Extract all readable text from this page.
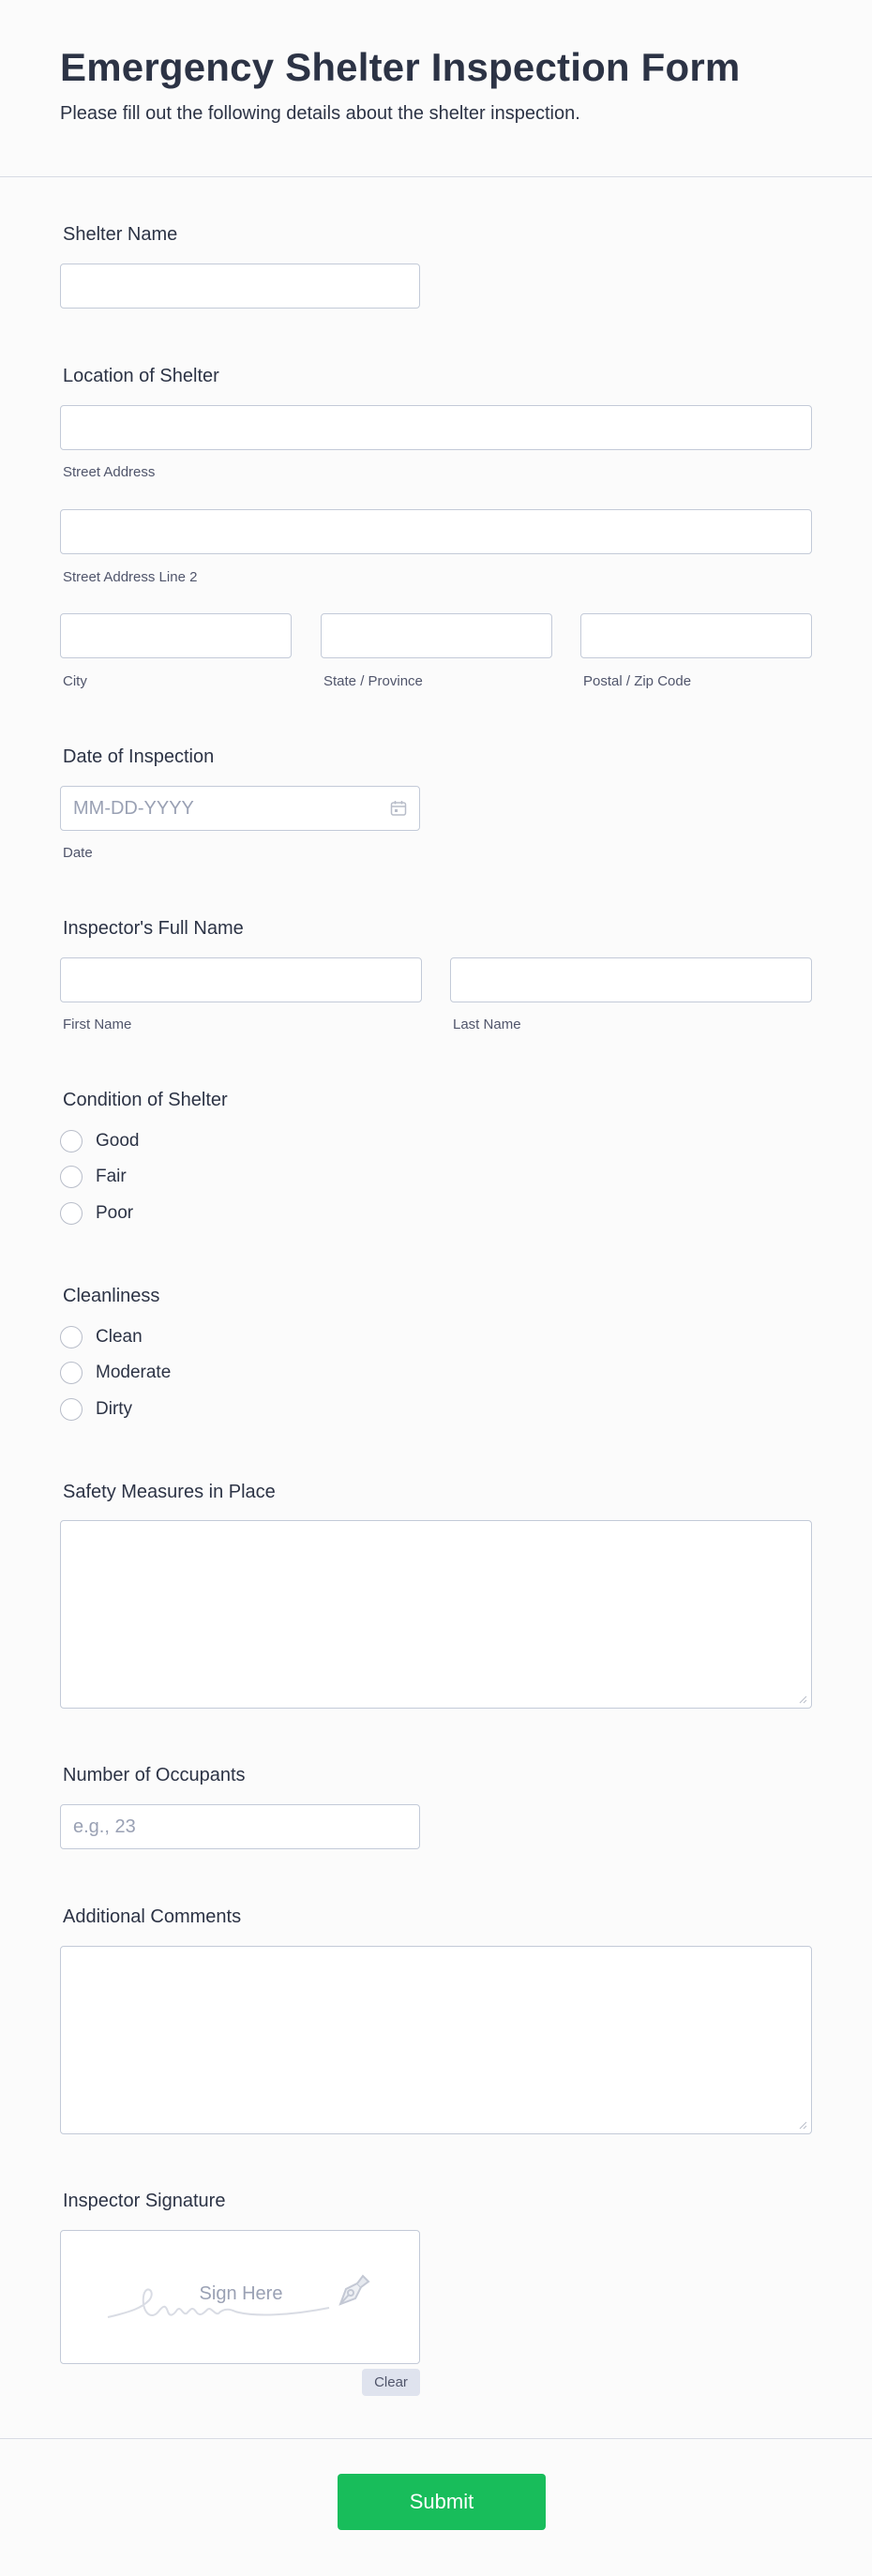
Emergency Shelter Inspection Form
Please fill out the following details about the shelter inspection.
Shelter Name
Location of Shelter
Street Address
Street Address Line 2
City	State / Province	Postal / Zip Code
Date of Inspection
MM-DD-YYYY
Date
Inspector's Full Name
First Name	Last Name
Condition of Shelter
Good
Fair
Poor
Cleanliness
Clean
Moderate
Dirty
Safety Measures in Place
Number of Occupants
e.g., 23
Additional Comments
Inspector Signature
Sign Here
Clear
Submit
